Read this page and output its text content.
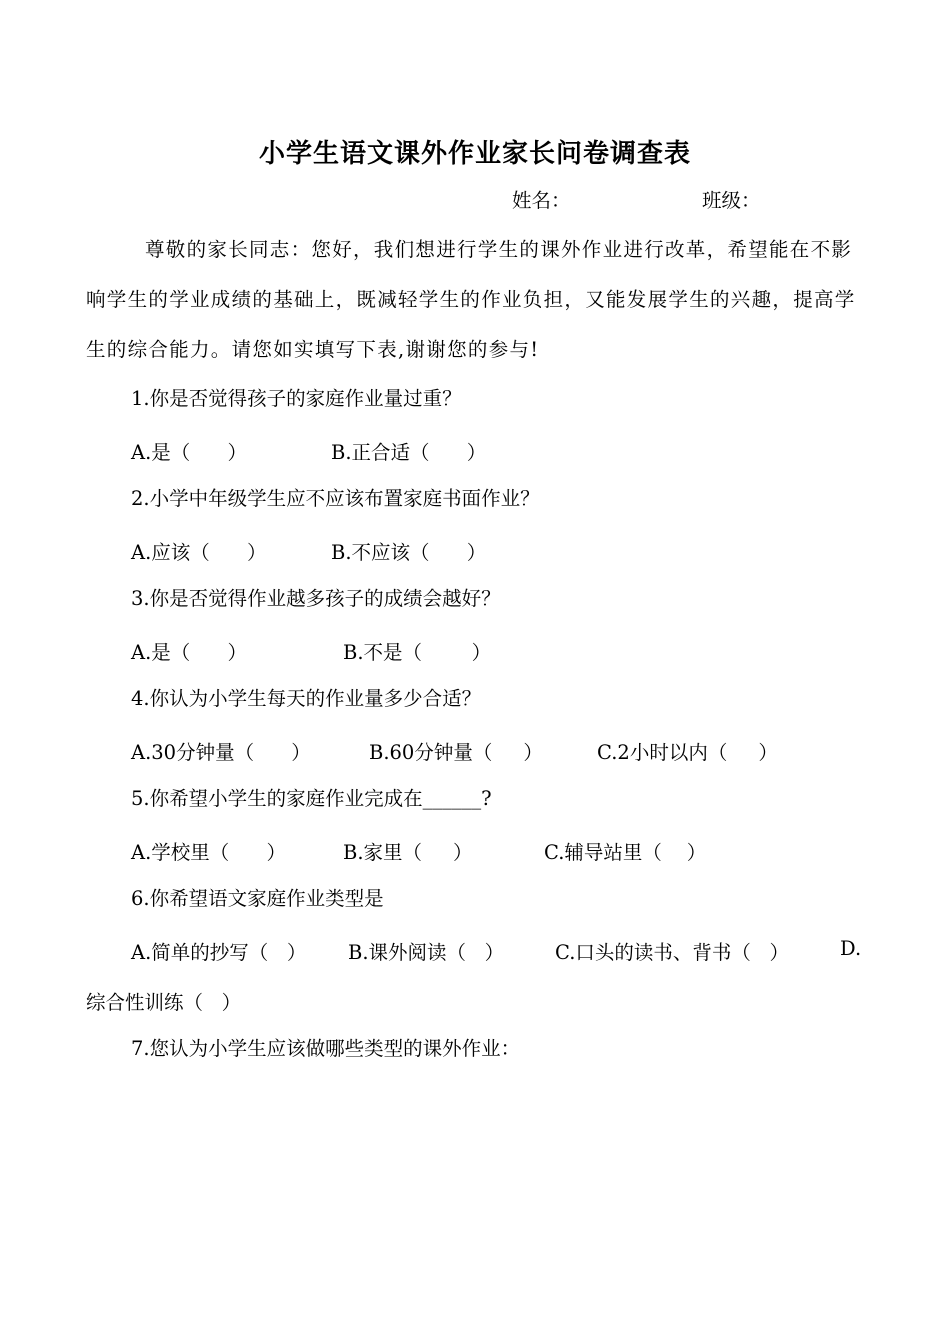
小学生语文课外作业家长问卷调查表
姓名：	班级：
尊敬的家长同志：您好，我们想进行学生的课外作业进行改革，希望能在不影响学生的学业成绩的基础上，既减轻学生的作业负担，又能发展学生的兴趣，提高学生的综合能力。请您如实填写下表,谢谢您的参与!
1.你是否觉得孩子的家庭作业量过重？
A.是（      ）	B.正合适（      ）
2.小学中年级学生应不应该布置家庭书面作业？
A.应该（      ）	B.不应该（      ）
3.你是否觉得作业越多孩子的成绩会越好？
A.是（      ）	B.不是（        ）
4.你认为小学生每天的作业量多少合适？
A.30分钟量（      ）	B.60分钟量（     ）	C.2小时以内（     ）
5.你希望小学生的家庭作业完成在______?
A.学校里（      ）	B.家里（     ）	C.辅导站里（    ）
6.你希望语文家庭作业类型是
A.简单的抄写（   ） B.课外阅读（   ）	C.口头的读书、背书（   ）	D.
综合性训练（   ）
7.您认为小学生应该做哪些类型的课外作业：
